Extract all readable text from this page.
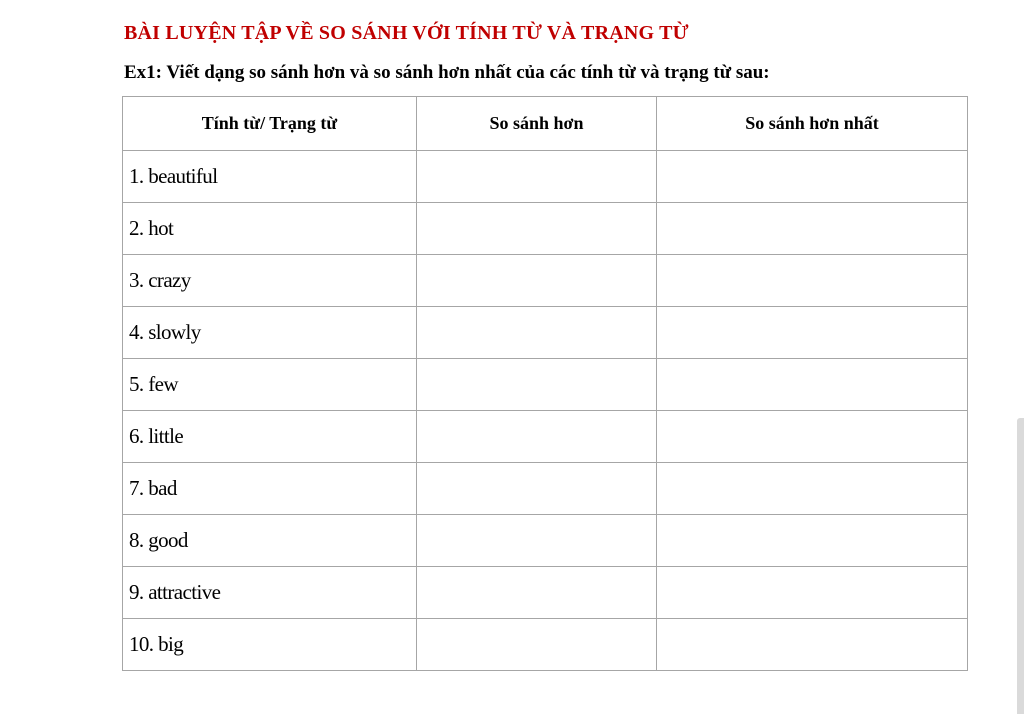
BÀI LUYỆN TẬP VỀ SO SÁNH VỚI TÍNH TỪ VÀ TRẠNG TỪ
Ex1: Viết dạng so sánh hơn và so sánh hơn nhất của các tính từ và trạng từ sau:
Tính từ/ Trạng từ	So sánh hơn	So sánh hơn nhất
1. beautiful		
2. hot		
3. crazy		
4. slowly		
5. few		
6. little		
7. bad		
8. good		
9. attractive		
10. big		
